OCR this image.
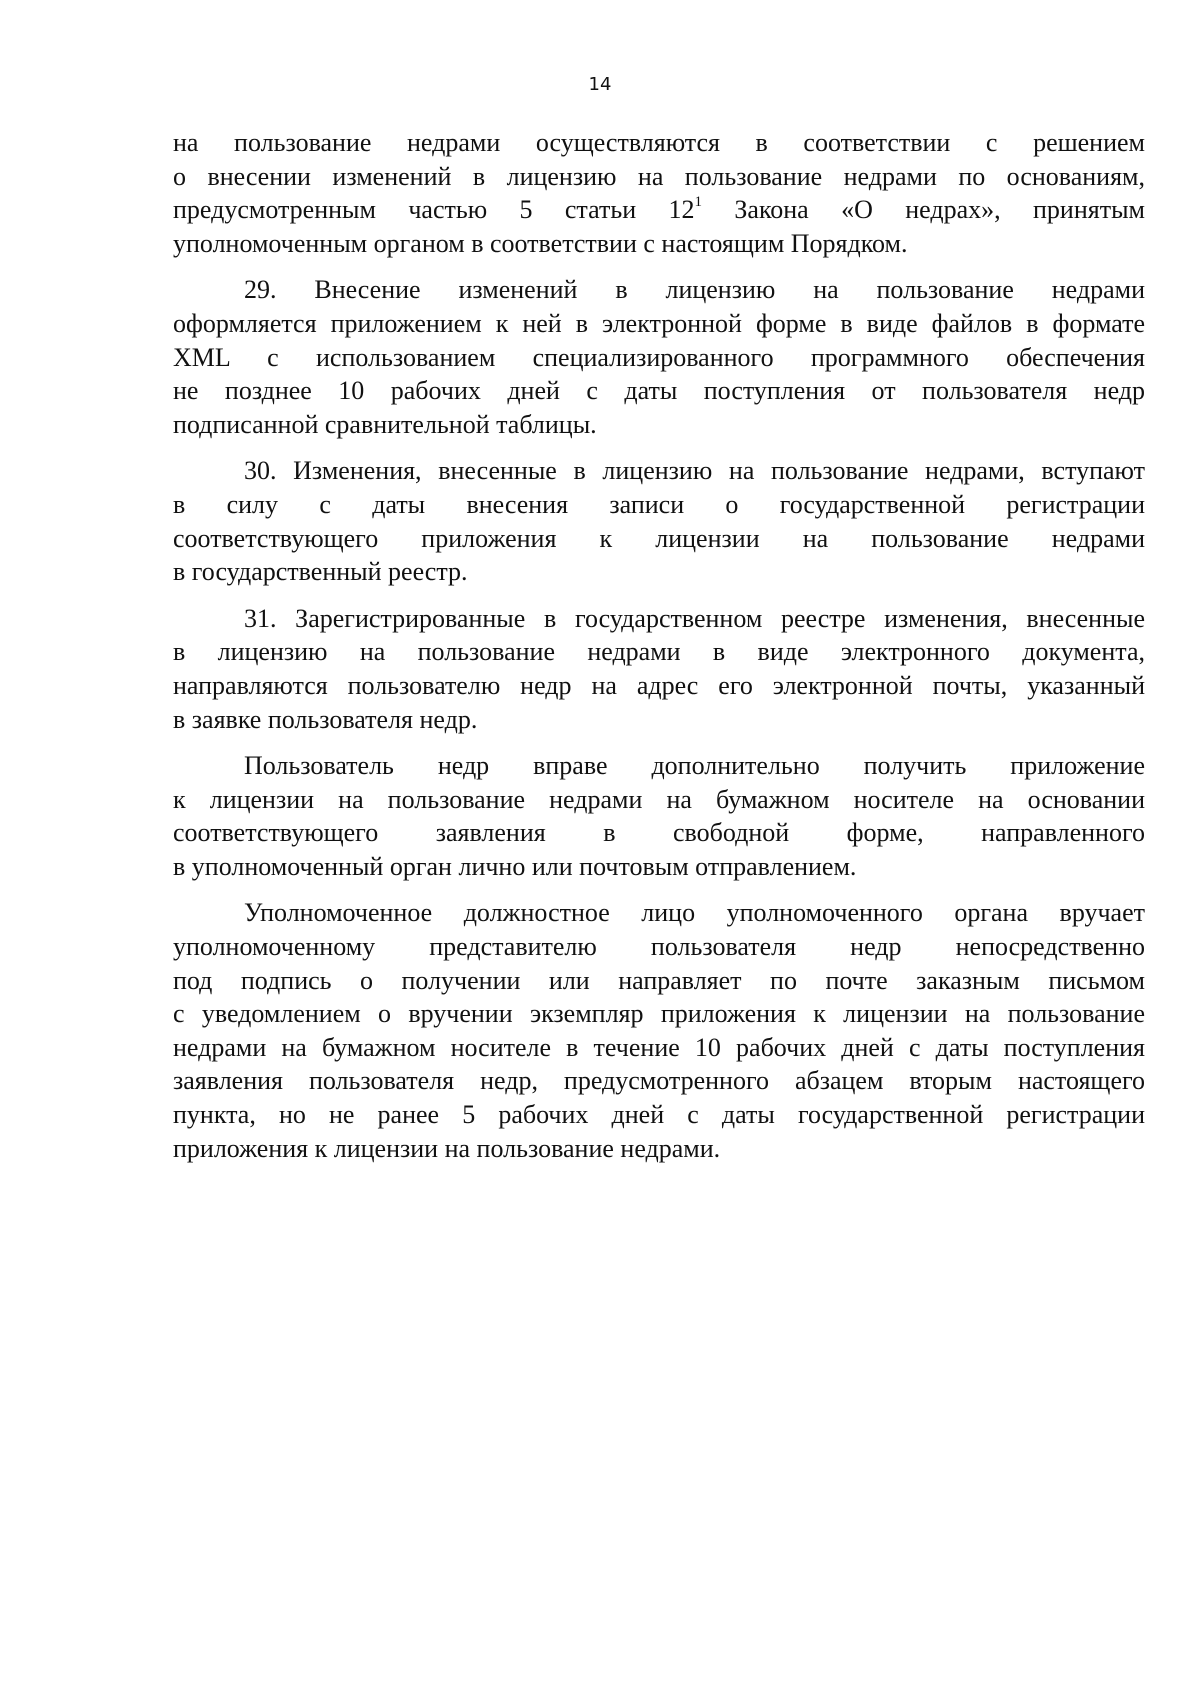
14

на пользование недрами осуществляются в соответствии с решением
о внесении изменений в лицензию на пользование недрами по основаниям,
предусмотренным частью 5 статьи 12$^1$ Закона «О недрах», принятым
уполномоченным органом в соответствии с настоящим Порядком.
29. Внесение изменений в лицензию на пользование недрами
оформляется приложением к ней в электронной форме в виде файлов в формате
XML с использованием специализированного программного обеспечения
не позднее 10 рабочих дней с даты поступления от пользователя недр
подписанной сравнительной таблицы.
30. Изменения, внесенные в лицензию на пользование недрами, вступают
в силу с даты внесения записи о государственной регистрации
соответствующего приложения к лицензии на пользование недрами
в государственный реестр.
31. Зарегистрированные в государственном реестре изменения, внесенные
в лицензию на пользование недрами в виде электронного документа,
направляются пользователю недр на адрес его электронной почты, указанный
в заявке пользователя недр.
Пользователь недр вправе дополнительно получить приложение
к лицензии на пользование недрами на бумажном носителе на основании
соответствующего заявления в свободной форме, направленного
в уполномоченный орган лично или почтовым отправлением.
Уполномоченное должностное лицо уполномоченного органа вручает
уполномоченному представителю пользователя недр непосредственно
под подпись о получении или направляет по почте заказным письмом
с уведомлением о вручении экземпляр приложения к лицензии на пользование
недрами на бумажном носителе в течение 10 рабочих дней с даты поступления
заявления пользователя недр, предусмотренного абзацем вторым настоящего
пункта, но не ранее 5 рабочих дней с даты государственной регистрации
приложения к лицензии на пользование недрами.
